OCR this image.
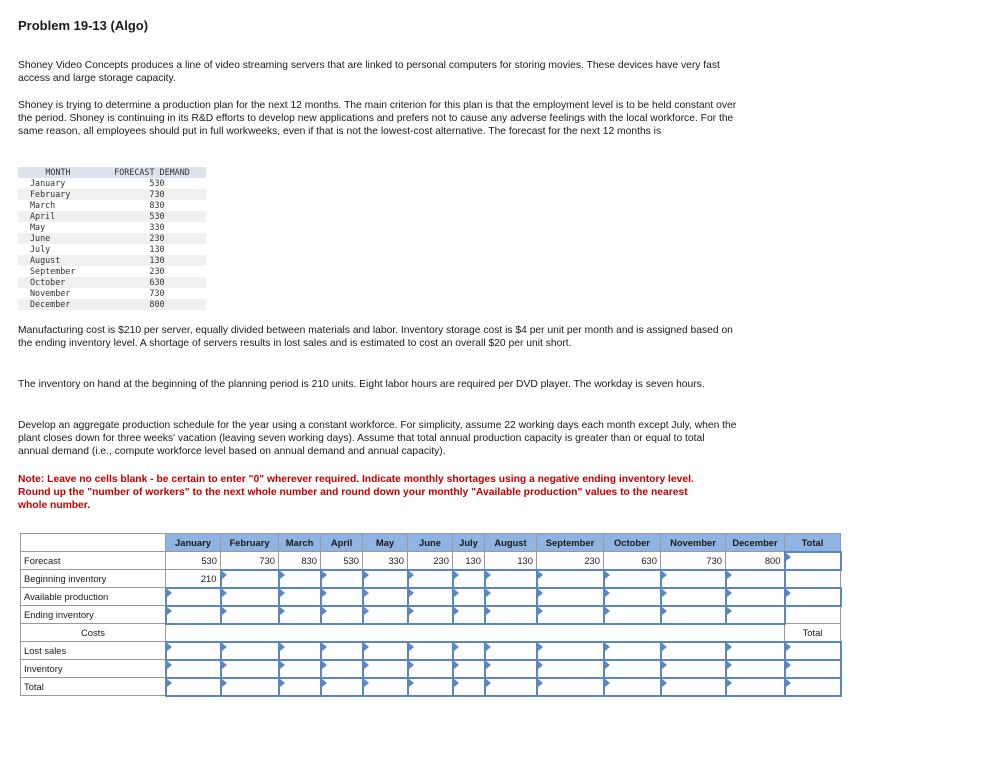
Problem 19-13 (Algo)

Shoney Video Concepts produces a line of video streaming servers that are linked to personal computers for storing movies. These devices have very fast access and large storage capacity.

Shoney is trying to determine a production plan for the next 12 months. The main criterion for this plan is that the employment level is to be held constant over the period. Shoney is continuing in its R&D efforts to develop new applications and prefers not to cause any adverse feelings with the local workforce. For the same reason, all employees should put in full workweeks, even if that is not the lowest-cost alternative. The forecast for the next 12 months is

MONTH	FORECAST DEMAND
January	530
February	730
March	830
April	530
May	330
June	230
July	130
August	130
September	230
October	630
November	730
December	800

Manufacturing cost is $210 per server, equally divided between materials and labor. Inventory storage cost is $4 per unit per month and is assigned based on the ending inventory level. A shortage of servers results in lost sales and is estimated to cost an overall $20 per unit short.

The inventory on hand at the beginning of the planning period is 210 units. Eight labor hours are required per DVD player. The workday is seven hours.

Develop an aggregate production schedule for the year using a constant workforce. For simplicity, assume 22 working days each month except July, when the plant closes down for three weeks' vacation (leaving seven working days). Assume that total annual production capacity is greater than or equal to total annual demand (i.e., compute workforce level based on annual demand and annual capacity).

Note: Leave no cells blank - be certain to enter "0" wherever required. Indicate monthly shortages using a negative ending inventory level. Round up the "number of workers" to the next whole number and round down your monthly "Available production" values to the nearest whole number.

	January	February	March	April	May	June	July	August	September	October	November	December	Total
Forecast	530	730	830	530	330	230	130	130	230	630	730	800	
Beginning inventory	210												
Available production													
Ending inventory													
Costs													Total
Lost sales													
Inventory													
Total													
